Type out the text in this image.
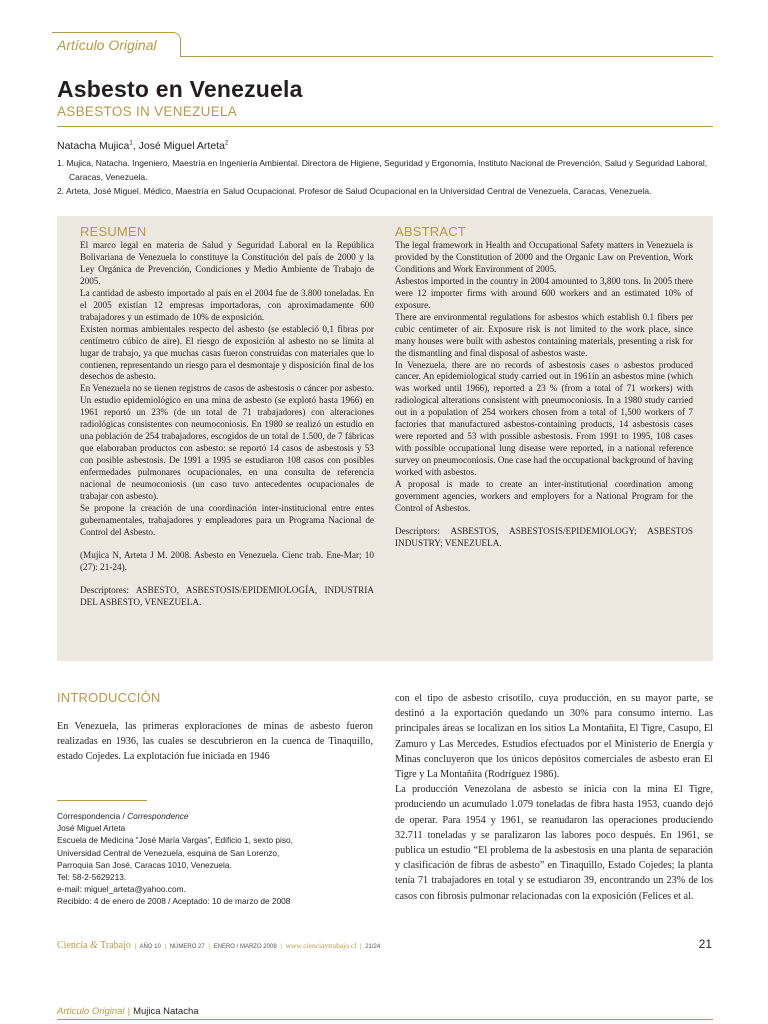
Artículo Original
Asbesto en Venezuela
ASBESTOS IN VENEZUELA
Natacha Mujica$^1$, José Miguel Arteta$^2$

1. Mujica, Natacha. Ingeniero, Maestría en Ingeniería Ambiental. Directora de Higiene, Seguridad y Ergonomía, Instituto Nacional de Prevención, Salud y Seguridad Laboral, Caracas, Venezuela.

2. Arteta, José Miguel. Médico, Maestría en Salud Ocupacional. Profesor de Salud Ocupacional en la Universidad Central de Venezuela, Caracas, Venezuela.

RESUMEN

El marco legal en materia de Salud y Seguridad Laboral en la República Bolivariana de Venezuela lo constituye la Constitución del país de 2000 y la Ley Orgánica de Prevención, Condiciones y Medio Ambiente de Trabajo de 2005.

La cantidad de asbesto importado al país en el 2004 fue de 3.800 toneladas. En el 2005 existían 12 empresas importadoras, con aproximadamente 600 trabajadores y un estimado de 10% de exposición.

Existen normas ambientales respecto del asbesto (se estableció 0,1 fibras por centímetro cúbico de aire). El riesgo de exposición al asbesto no se limita al lugar de trabajo, ya que muchas casas fueron construidas con materiales que lo contienen, representando un riesgo para el desmontaje y disposición final de los desechos de asbesto.

En Venezuela no se tienen registros de casos de asbestosis o cáncer por asbesto. Un estudio epidemiológico en una mina de asbesto (se explotó hasta 1966) en 1961 reportó un 23% (de un total de 71 trabajadores) con alteraciones radiológicas consistentes con neumoconiosis. En 1980 se realizó un estudio en una población de 254 trabajadores, escogidos de un total de 1.500, de 7 fábricas que elaboraban productos con asbesto: se reportó 14 casos de asbestosis y 53 con posible asbestosis. De 1991 a 1995 se estudiaron 108 casos con posibles enfermedades pulmonares ocupacionales, en una consulta de referencia nacional de neumoconiosis (un caso tuvo antecedentes ocupacionales de trabajar con asbesto).

Se propone la creación de una coordinación inter-institucional entre entes gubernamentales, trabajadores y empleadores para un Programa Nacional de Control del Asbesto.

(Mujica N, Arteta J M. 2008. Asbesto en Venezuela. Cienc trab. Ene-Mar; 10 (27): 21-24).

Descriptores: ASBESTO, ASBESTOSIS/EPIDEMIOLOGÍA, INDUSTRIA DEL ASBESTO, VENEZUELA.

ABSTRACT

The legal framework in Health and Occupational Safety matters in Venezuela is provided by the Constitution of 2000 and the Organic Law on Prevention, Work Conditions and Work Environment of 2005.

Asbestos imported in the country in 2004 amounted to 3,800 tons. In 2005 there were 12 importer firms with around 600 workers and an estimated 10% of exposure.

There are environmental regulations for asbestos which establish 0.1 fibers per cubic centimeter of air. Exposure risk is not limited to the work place, since many houses were built with asbestos containing materials, presenting a risk for the dismantling and final disposal of asbestos waste.

In Venezuela, there are no records of asbestosis cases o asbestos produced cancer. An epidemiological study carried out in 1961in an asbestos mine (which was worked until 1966), reported a 23 % (from a total of 71 workers) with radiological alterations consistent with pneumoconiosis. In a 1980 study carried out in a population of 254 workers chosen from a total of 1,500 workers of 7 factories that manufactured asbestos-containing products, 14 asbestosis cases were reported and 53 with possible asbestosis. From 1991 to 1995, 108 cases with possible occupational lung disease were reported, in a national reference survey on pneumoconiosis. One case had the occupational background of having worked with asbestos.

A proposal is made to create an inter-institutional coordination among government agencies, workers and employers for a National Program for the Control of Asbestos.

Descriptors: ASBESTOS, ASBESTOSIS/EPIDEMIOLOGY; ASBESTOS INDUSTRY; VENEZUELA.

INTRODUCCIÓN

En Venezuela, las primeras exploraciones de minas de asbesto fueron realizadas en 1936, las cuales se descubrieron en la cuenca de Tinaquillo, estado Cojedes. La explotación fue iniciada en 1946

con el tipo de asbesto crisotilo, cuya producción, en su mayor parte, se destinó a la exportación quedando un 30% para consumo interno. Las principales áreas se localizan en los sitios La Montañita, El Tigre, Casupo, El Zamuro y Las Mercedes. Estudios efectuados por el Ministerio de Energía y Minas concluyeron que los únicos depósitos comerciales de asbesto eran El Tigre y La Montañita (Rodríguez 1986).

La producción Venezolana de asbesto se inicia con la mina El Tigre, produciendo un acumulado 1.079 toneladas de fibra hasta 1953, cuando dejó de operar. Para 1954 y 1961, se reanudaron las operaciones produciendo 32.711 toneladas y se paralizaron las labores poco después. En 1961, se publica un estudio “El problema de la asbestosis en una planta de separación y clasificación de fibras de asbesto” en Tinaquillo, Estado Cojedes; la planta tenía 71 trabajadores en total y se estudiaron 39, encontrando un 23% de los casos con fibrosis pulmonar relacionadas con la exposición (Felices et al.

Correspondencia / Correspondence
José Miguel Arteta
Escuela de Medicina “José María Vargas”, Edificio 1, sexto piso,
Universidad Central de Venezuela, esquina de San Lorenzo,
Parroquia San José, Caracas 1010, Venezuela.
Tel: 58-2-5629213.
e-mail: miguel_arteta@yahoo.com.
Recibido: 4 de enero de 2008 / Aceptado: 10 de marzo de 2008
Ciencia & Trabajo | AÑO 10 | NÚMERO 27 | ENERO / MARZO 2008 | www.cienciaytrabajo.cl | 21/24	21
Artículo Original | Mujica Natacha
